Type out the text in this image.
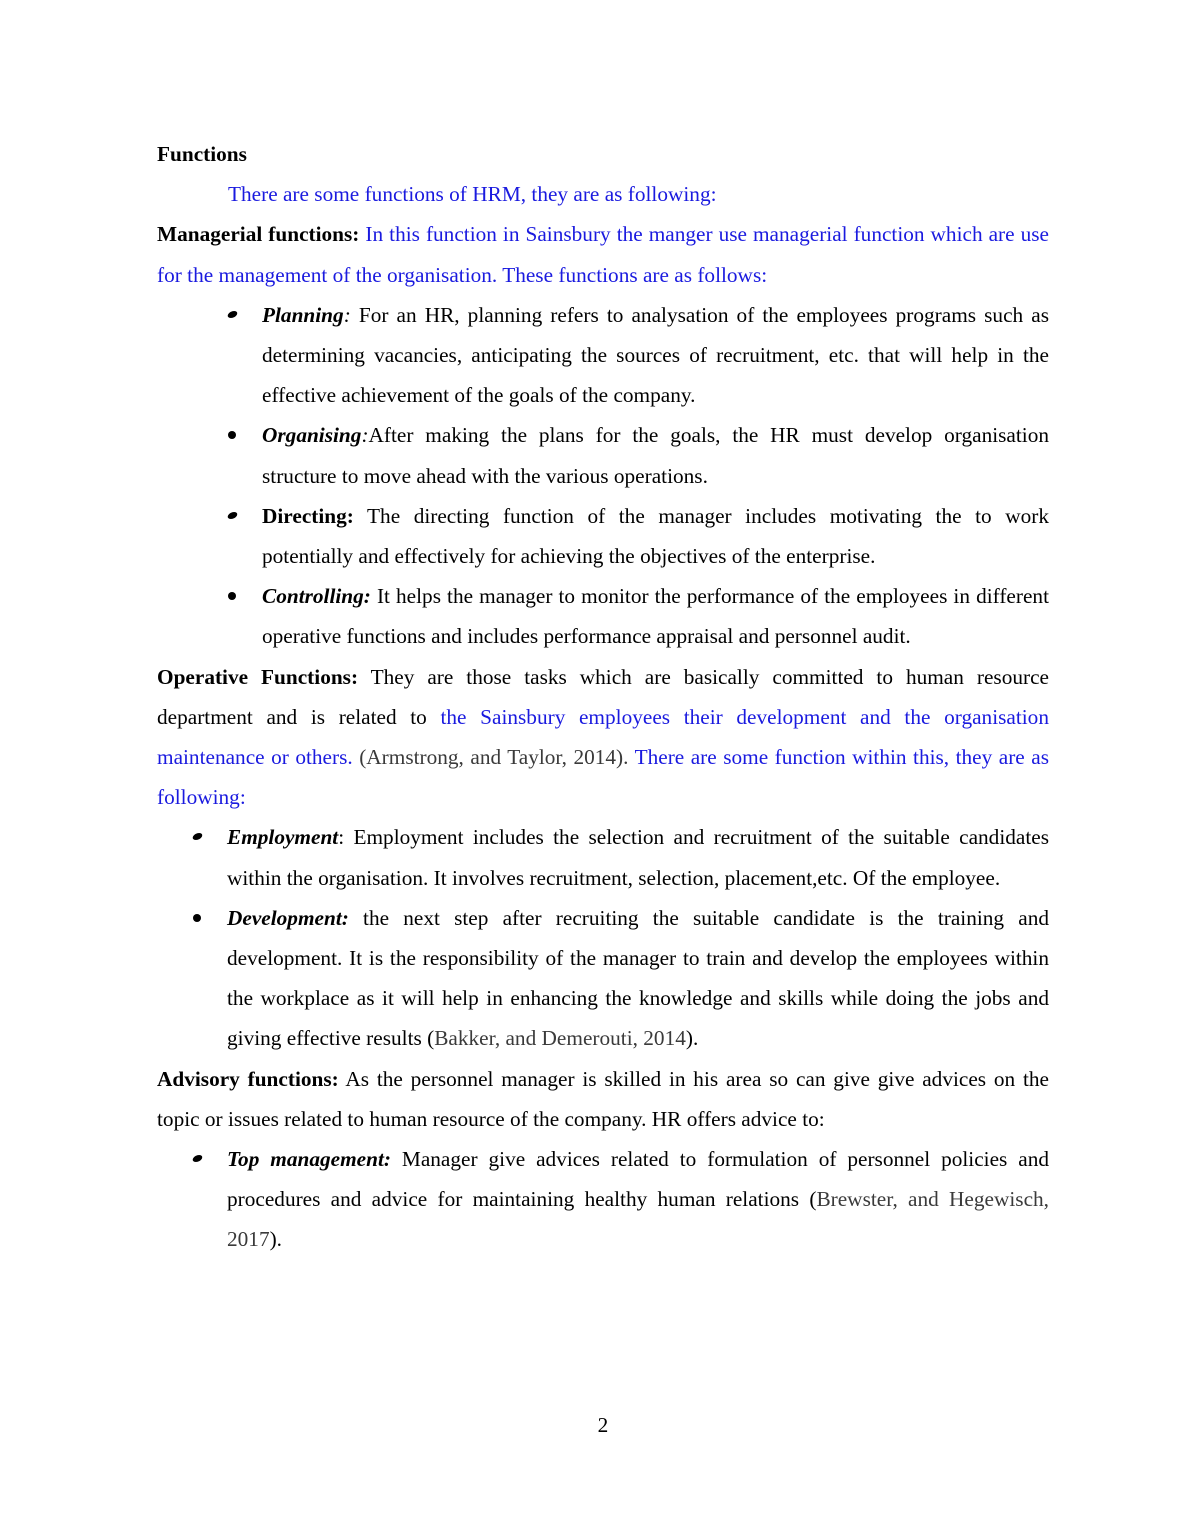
Functions

There are some functions of HRM, they are as following:

Managerial functions: In this function in Sainsbury the manger use managerial function which are use for the management of the organisation. These functions are as follows:

Planning: For an HR, planning refers to analysation of the employees programs such as determining vacancies, anticipating the sources of recruitment, etc. that will help in the effective achievement of the goals of the company.
Organising:After making the plans for the goals, the HR must develop organisation structure to move ahead with the various operations.
Directing: The directing function of the manager includes motivating the to work potentially and effectively for achieving the objectives of the enterprise.
Controlling: It helps the manager to monitor the performance of the employees in different operative functions and includes performance appraisal and personnel audit.

Operative Functions: They are those tasks which are basically committed to human resource department and is related to the Sainsbury employees their development and the organisation maintenance or others. (Armstrong, and Taylor, 2014). There are some function within this, they are as following:

Employment: Employment includes the selection and recruitment of the suitable candidates within the organisation. It involves recruitment, selection, placement,etc. Of the employee.
Development: the next step after recruiting the suitable candidate is the training and development. It is the responsibility of the manager to train and develop the employees within the workplace as it will help in enhancing the knowledge and skills while doing the jobs and giving effective results (Bakker, and Demerouti, 2014).

Advisory functions: As the personnel manager is skilled in his area so can give give advices on the topic or issues related to human resource of the company. HR offers advice to:

Top management: Manager give advices related to formulation of personnel policies and procedures and advice for maintaining healthy human relations (Brewster, and Hegewisch, 2017).
2
